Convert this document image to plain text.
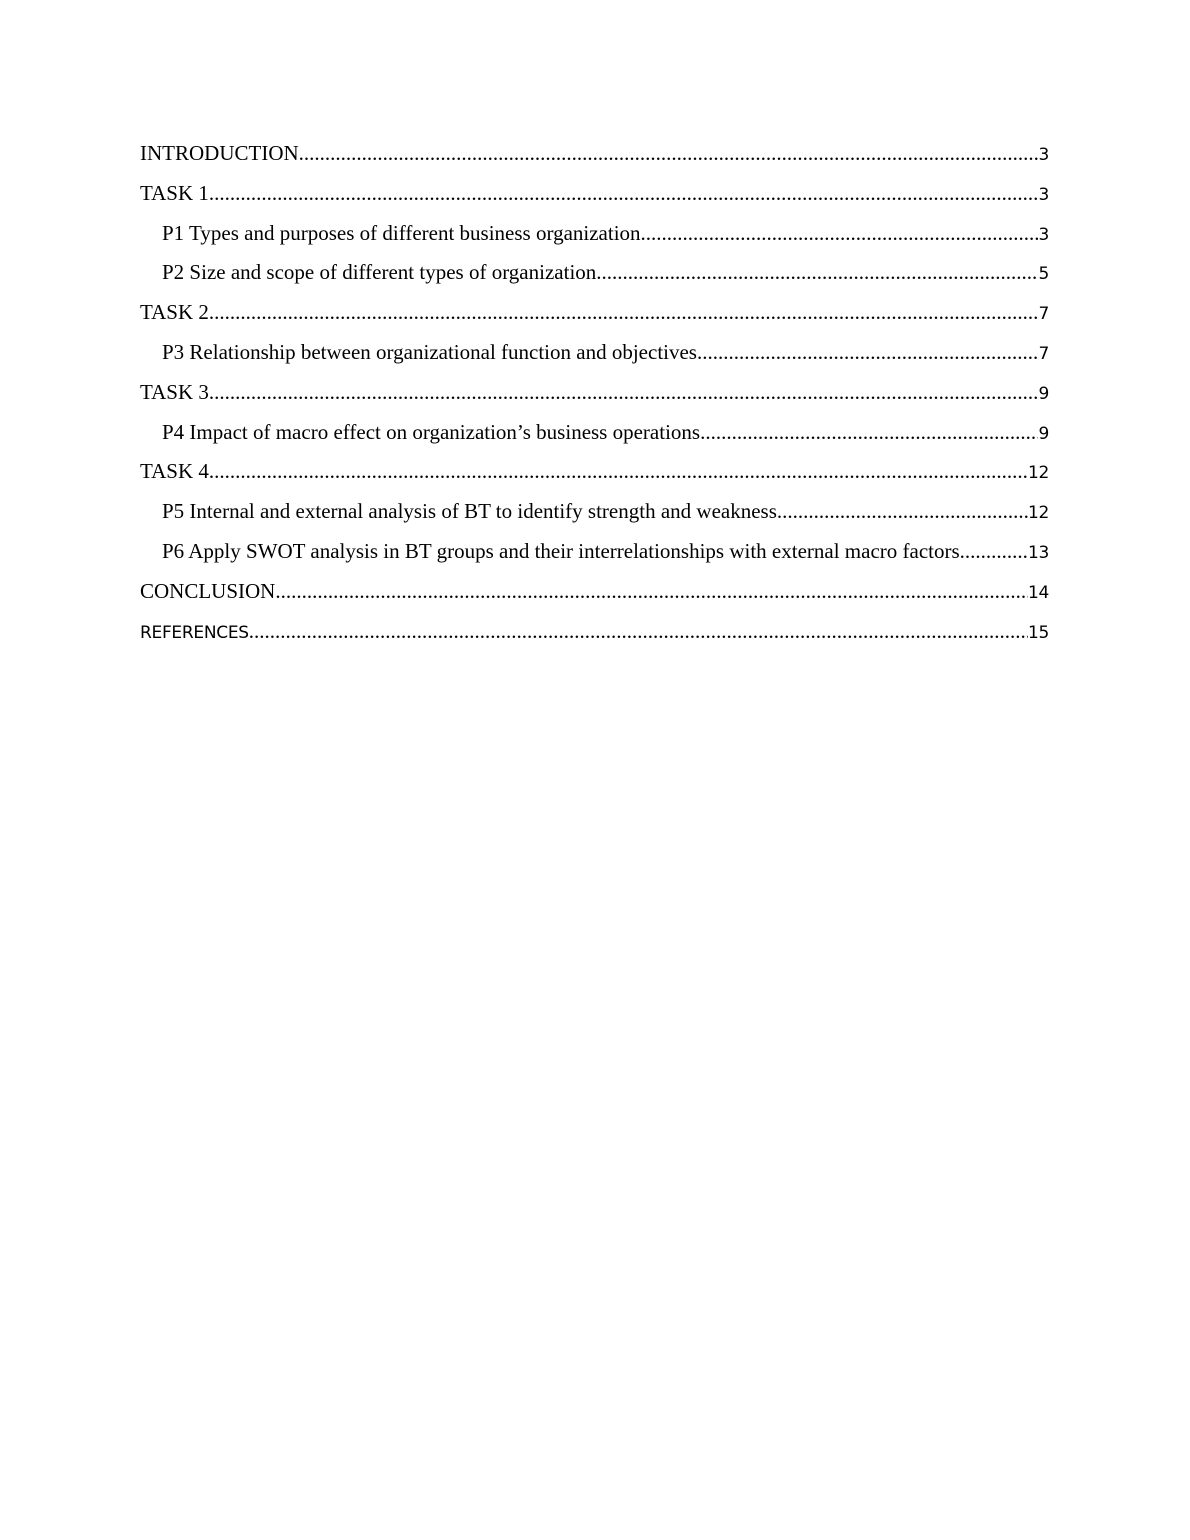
INTRODUCTION .....	3
TASK 1 .....	3
P1 Types and purposes of different business organization .....	3
P2 Size and scope of different types of organization .....	5
TASK 2 .....	7
P3 Relationship between organizational function and objectives .....	7
TASK 3 .....	9
P4 Impact of macro effect on organization’s business operations .....	9
TASK 4 .....	12
P5 Internal and external analysis of BT to identify strength and weakness .....	12
P6 Apply SWOT analysis in BT groups and their interrelationships with external macro factors .....	13
CONCLUSION .....	14
REFERENCES .....	15
